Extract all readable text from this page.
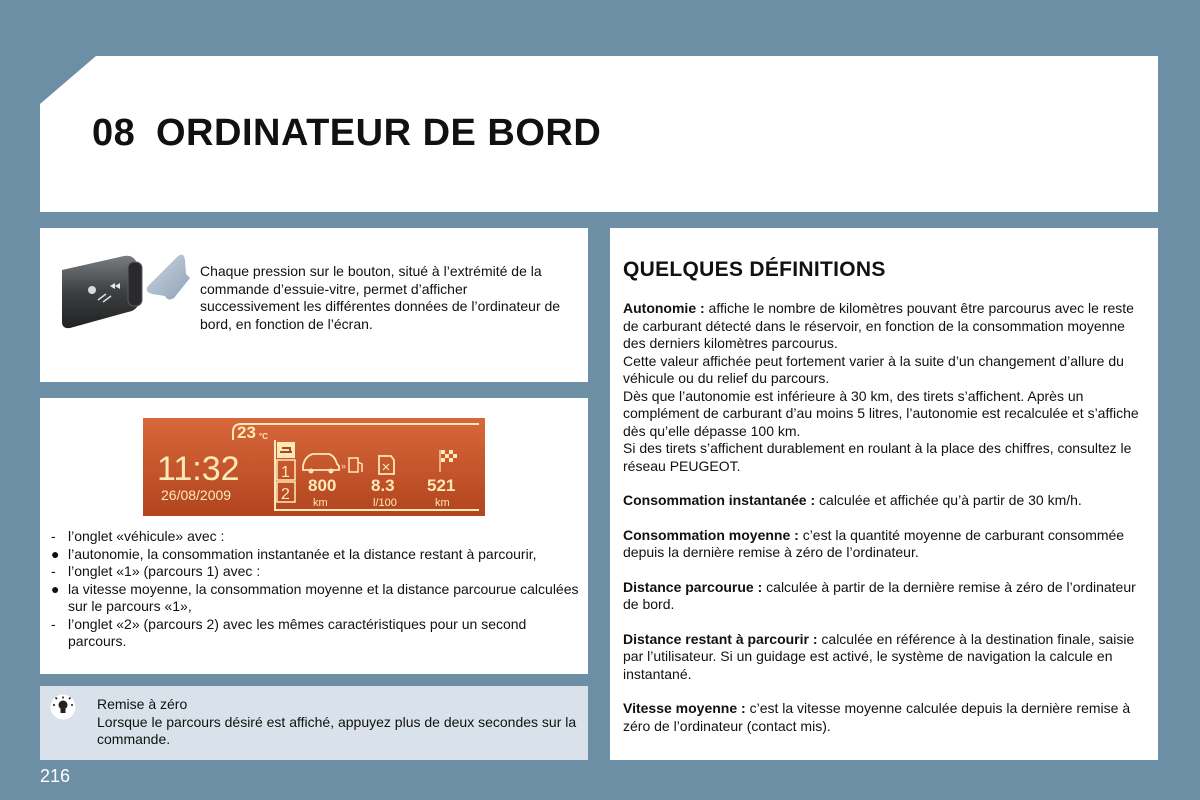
08 ORDINATEUR DE BORD
Chaque pression sur le bouton, situé à l’extrémité de la commande d’essuie-vitre, permet d’afficher successivement les différentes données de l’ordinateur de bord, en fonction de l’écran.
23 °C
11:32
26/08/2009
1
2
»
800
km
8.3
l/100
521
km
- l’onglet «véhicule» avec :
● l’autonomie, la consommation instantanée et la distance restant à parcourir,
- l’onglet «1» (parcours 1) avec :
● la vitesse moyenne, la consommation moyenne et la distance parcourue calculées sur le parcours «1»,
- l’onglet «2» (parcours 2) avec les mêmes caractéristiques pour un second parcours.
Remise à zéro
Lorsque le parcours désiré est affiché, appuyez plus de deux secondes sur la commande.
QUELQUES DÉFINITIONS

Autonomie : affiche le nombre de kilomètres pouvant être parcourus avec le reste de carburant détecté dans le réservoir, en fonction de la consommation moyenne des derniers kilomètres parcourus.
Cette valeur affichée peut fortement varier à la suite d’un changement d’allure du véhicule ou du relief du parcours.
Dès que l’autonomie est inférieure à 30 km, des tirets s’affichent. Après un complément de carburant d’au moins 5 litres, l’autonomie est recalculée et s’affiche dès qu’elle dépasse 100 km.
Si des tirets s’affichent durablement en roulant à la place des chiffres, consultez le réseau PEUGEOT.

Consommation instantanée : calculée et affichée qu’à partir de 30 km/h.

Consommation moyenne : c’est la quantité moyenne de carburant consommée depuis la dernière remise à zéro de l’ordinateur.

Distance parcourue : calculée à partir de la dernière remise à zéro de l’ordinateur de bord.

Distance restant à parcourir : calculée en référence à la destination finale, saisie par l’utilisateur. Si un guidage est activé, le système de navigation la calcule en instantané.

Vitesse moyenne : c’est la vitesse moyenne calculée depuis la dernière remise à zéro de l’ordinateur (contact mis).

216
